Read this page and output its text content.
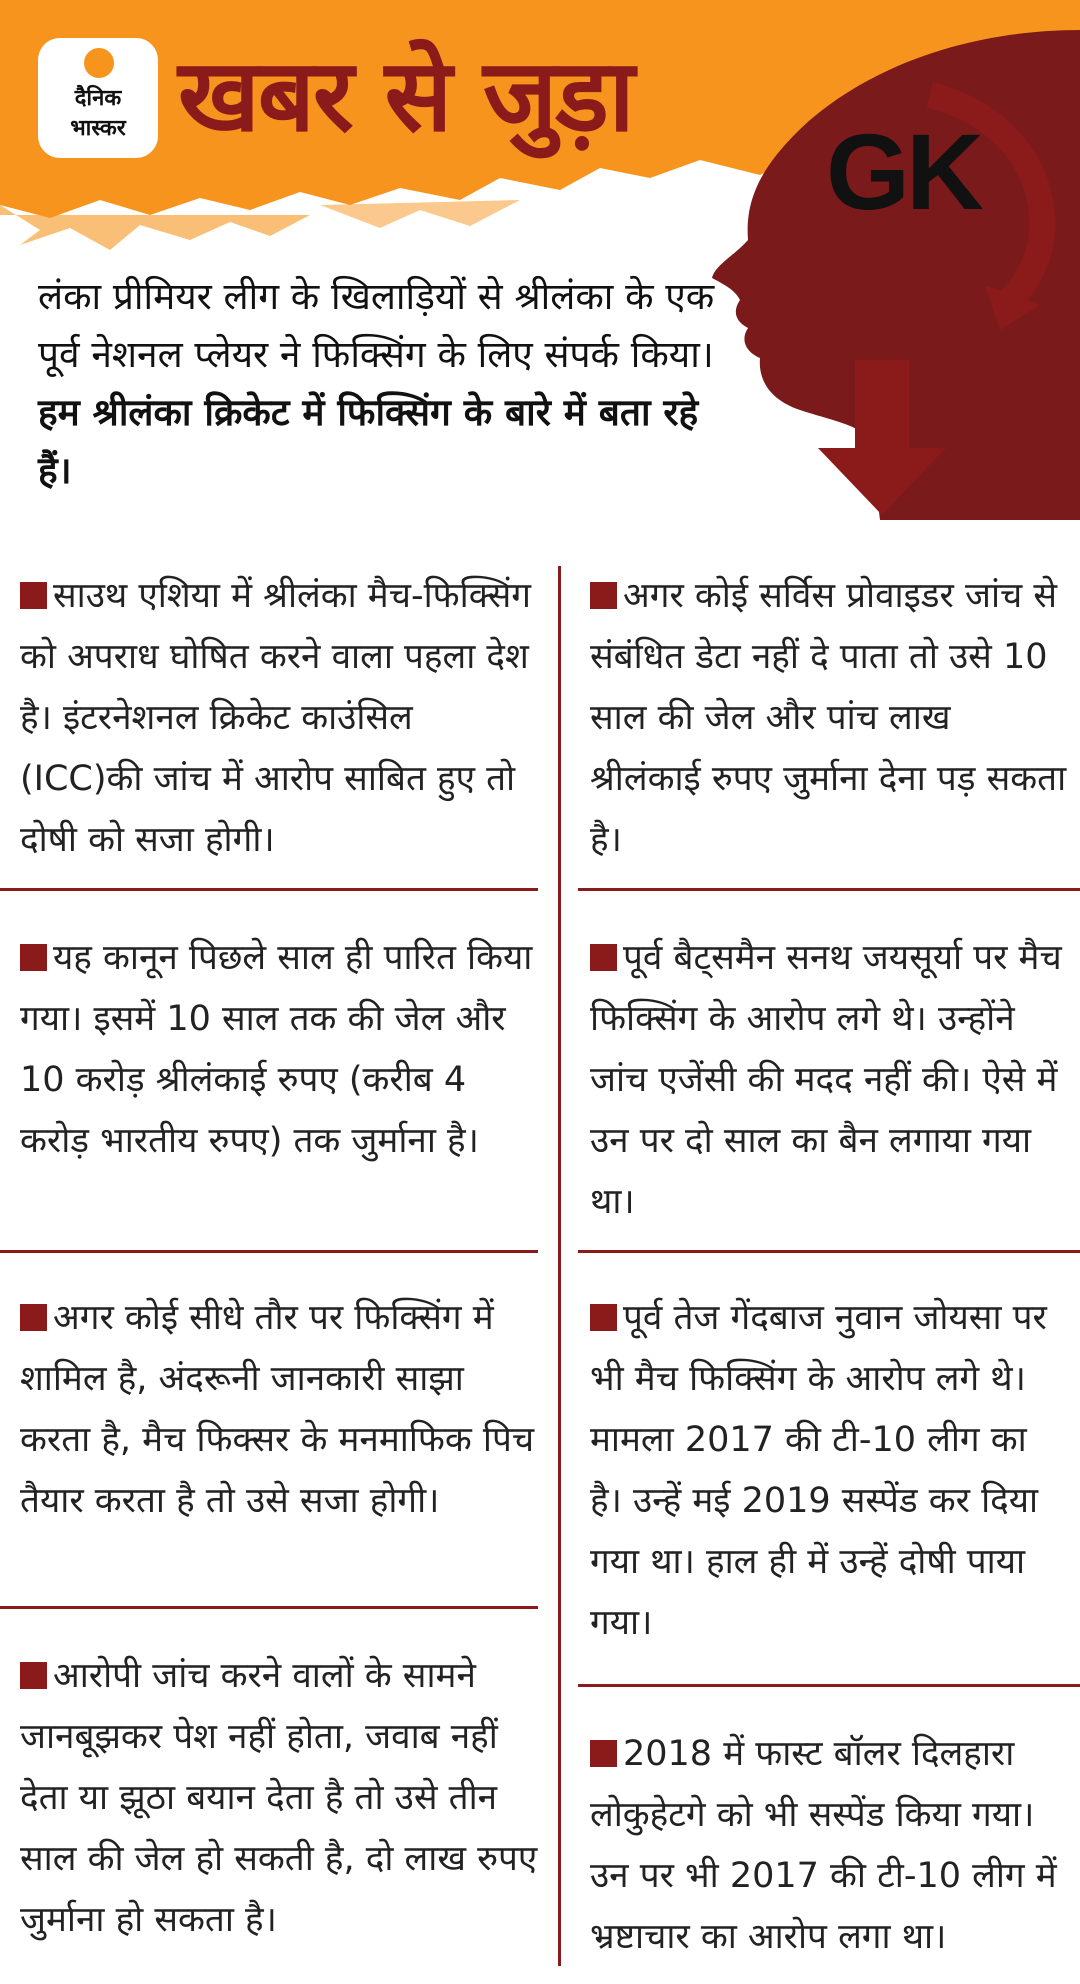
दैनिक
भास्कर खबर से जुड़ा
GK
लंका प्रीमियर लीग के खिलाड़ियों से श्रीलंका के एक पूर्व नेशनल प्लेयर ने फिक्सिंग के लिए संपर्क किया। हम श्रीलंका क्रिकेट में फिक्सिंग के बारे में बता रहे हैं।
साउथ एशिया में श्रीलंका मैच-फिक्सिंग को अपराध घोषित करने वाला पहला देश है। इंटरनेशनल क्रिकेट काउंसिल (ICC)की जांच में आरोप साबित हुए तो दोषी को सजा होगी।
यह कानून पिछले साल ही पारित किया गया। इसमें 10 साल तक की जेल और 10 करोड़ श्रीलंकाई रुपए (करीब 4 करोड़ भारतीय रुपए) तक जुर्माना है।
अगर कोई सीधे तौर पर फिक्सिंग में शामिल है, अंदरूनी जानकारी साझा करता है, मैच फिक्सर के मनमाफिक पिच तैयार करता है तो उसे सजा होगी।
आरोपी जांच करने वालों के सामने जानबूझकर पेश नहीं होता, जवाब नहीं देता या झूठा बयान देता है तो उसे तीन साल की जेल हो सकती है, दो लाख रुपए जुर्माना हो सकता है।
अगर कोई सर्विस प्रोवाइडर जांच से संबंधित डेटा नहीं दे पाता तो उसे 10 साल की जेल और पांच लाख श्रीलंकाई रुपए जुर्माना देना पड़ सकता है।
पूर्व बैट्समैन सनथ जयसूर्या पर मैच फिक्सिंग के आरोप लगे थे। उन्होंने जांच एजेंसी की मदद नहीं की। ऐसे में उन पर दो साल का बैन लगाया गया था।
पूर्व तेज गेंदबाज नुवान जोयसा पर भी मैच फिक्सिंग के आरोप लगे थे। मामला 2017 की टी-10 लीग का है। उन्हें मई 2019 सस्पेंड कर दिया गया था। हाल ही में उन्हें दोषी पाया गया।
2018 में फास्ट बॉलर दिलहारा लोकुहेटगे को भी सस्पेंड किया गया। उन पर भी 2017 की टी-10 लीग में भ्रष्टाचार का आरोप लगा था।
